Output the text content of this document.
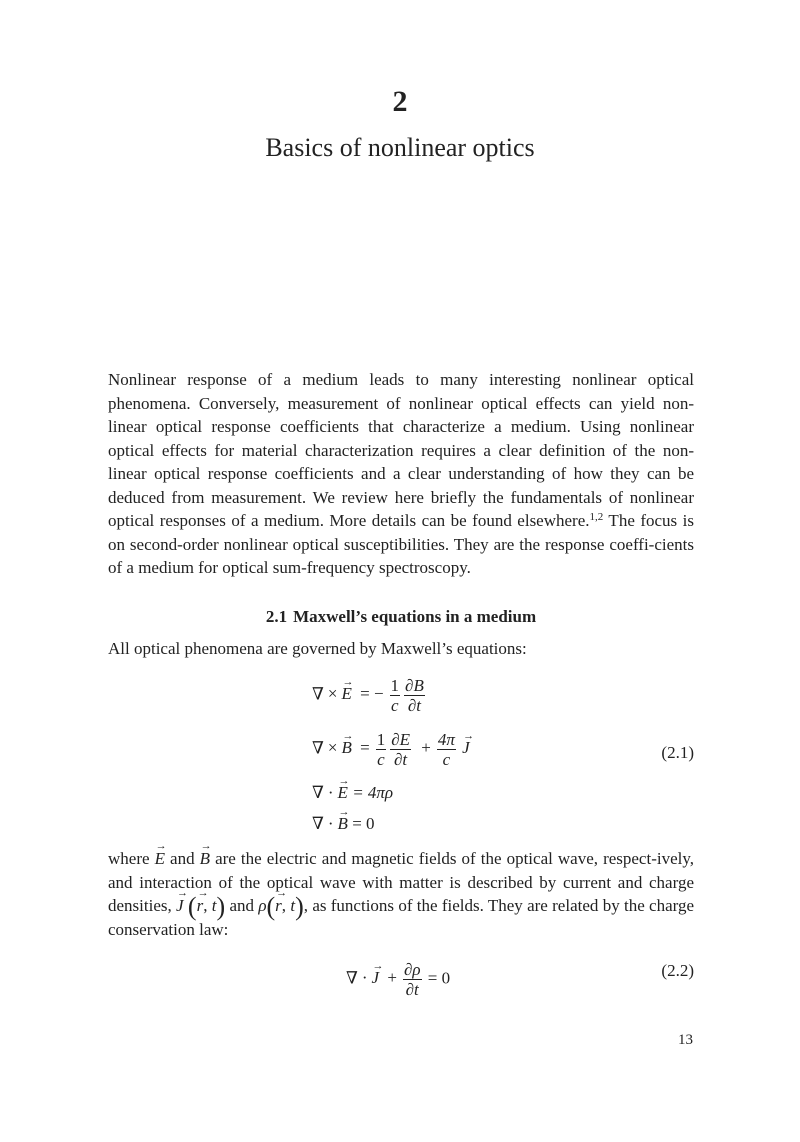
2
Basics of nonlinear optics

Nonlinear response of a medium leads to many interesting nonlinear optical phenomena. Conversely, measurement of nonlinear optical effects can yield non-linear optical response coefficients that characterize a medium. Using nonlinear optical effects for material characterization requires a clear definition of the non-linear optical response coefficients and a clear understanding of how they can be deduced from measurement. We review here briefly the fundamentals of nonlinear optical responses of a medium. More details can be found elsewhere.$^{1,2}$ The focus is on second-order nonlinear optical susceptibilities. They are the response coeffi-cients of a medium for optical sum-frequency spectroscopy.

2.1 Maxwell’s equations in a medium

All optical phenomena are governed by Maxwell’s equations:

∇ ×→ E = − $\frac{1}{c} \frac{\partial B}{\partial t}$
∇ ×→ $B = \frac{1}{c} \frac{\partial E}{\partial t} + \frac{4\pi}{c}$
→ J	(2.1)
∇ ·→ E = 4πρ
∇ ·→ B = 0

where → E and → B are the electric and magnetic fields of the optical wave, respect-ively, and interaction of the optical wave with matter is described by current and charge densities, → J (→ r, t) and ρ(→ r, t), as functions of the fields. They are related by the charge conservation law:

∇ ·→ $J + \frac{\partial\rho}{\partial t} = 0$	(2.2)
13
